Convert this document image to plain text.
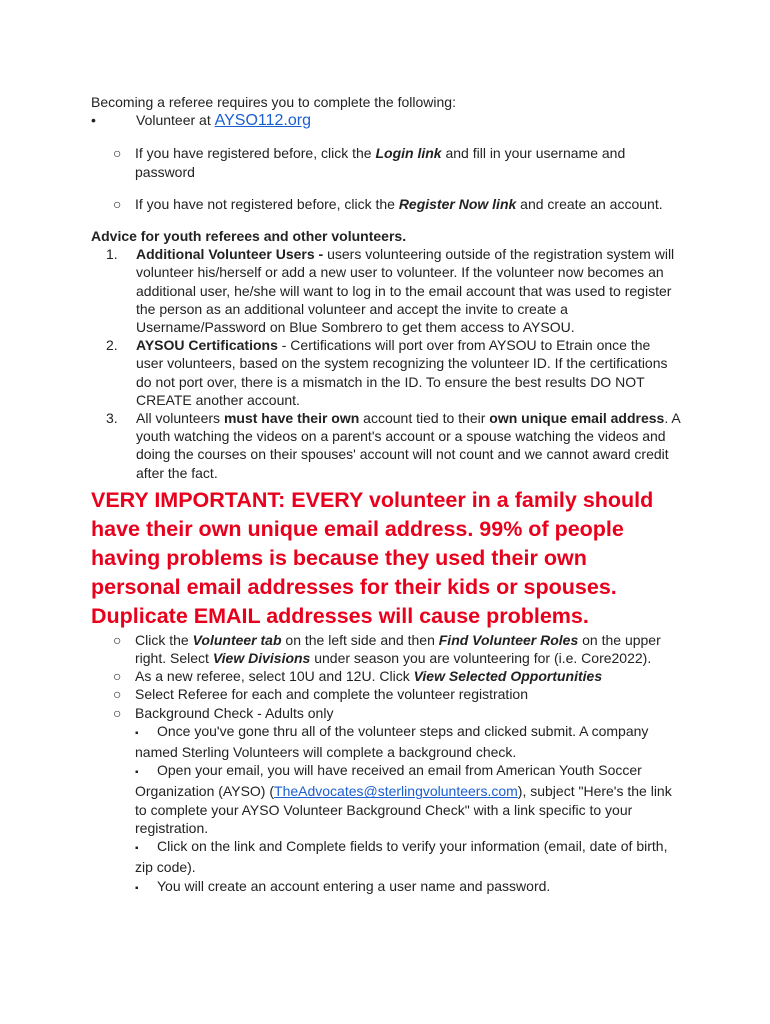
Becoming a referee requires you to complete the following:

•	Volunteer at AYSO112.org

○ If you have registered before, click the Login link and fill in your username and password

○ If you have not registered before, click the Register Now link and create an account.

Advice for youth referees and other volunteers.

1.	Additional Volunteer Users - users volunteering outside of the registration system will volunteer his/herself or add a new user to volunteer. If the volunteer now becomes an additional user, he/she will want to log in to the email account that was used to register the person as an additional volunteer and accept the invite to create a Username/Password on Blue Sombrero to get them access to AYSOU.
2.	AYSOU Certifications - Certifications will port over from AYSOU to Etrain once the user volunteers, based on the system recognizing the volunteer ID. If the certifications do not port over, there is a mismatch in the ID. To ensure the best results DO NOT CREATE another account.
3.	All volunteers must have their own account tied to their own unique email address. A youth watching the videos on a parent's account or a spouse watching the videos and doing the courses on their spouses' account will not count and we cannot award credit after the fact.

VERY IMPORTANT: EVERY volunteer in a family should have their own unique email address. 99% of people having problems is because they used their own personal email addresses for their kids or spouses. Duplicate EMAIL addresses will cause problems.

○ Click the Volunteer tab on the left side and then Find Volunteer Roles on the upper right. Select View Divisions under season you are volunteering for (i.e. Core2022).

○ As a new referee, select 10U and 12U. Click View Selected Opportunities

○ Select Referee for each and complete the volunteer registration

○ Background Check - Adults only

▪ Once you've gone thru all of the volunteer steps and clicked submit. A company named Sterling Volunteers will complete a background check.

▪ Open your email, you will have received an email from American Youth Soccer Organization (AYSO) (TheAdvocates@sterlingvolunteers.com), subject "Here's the link to complete your AYSO Volunteer Background Check" with a link specific to your registration.

▪ Click on the link and Complete fields to verify your information (email, date of birth, zip code).

▪ You will create an account entering a user name and password.
